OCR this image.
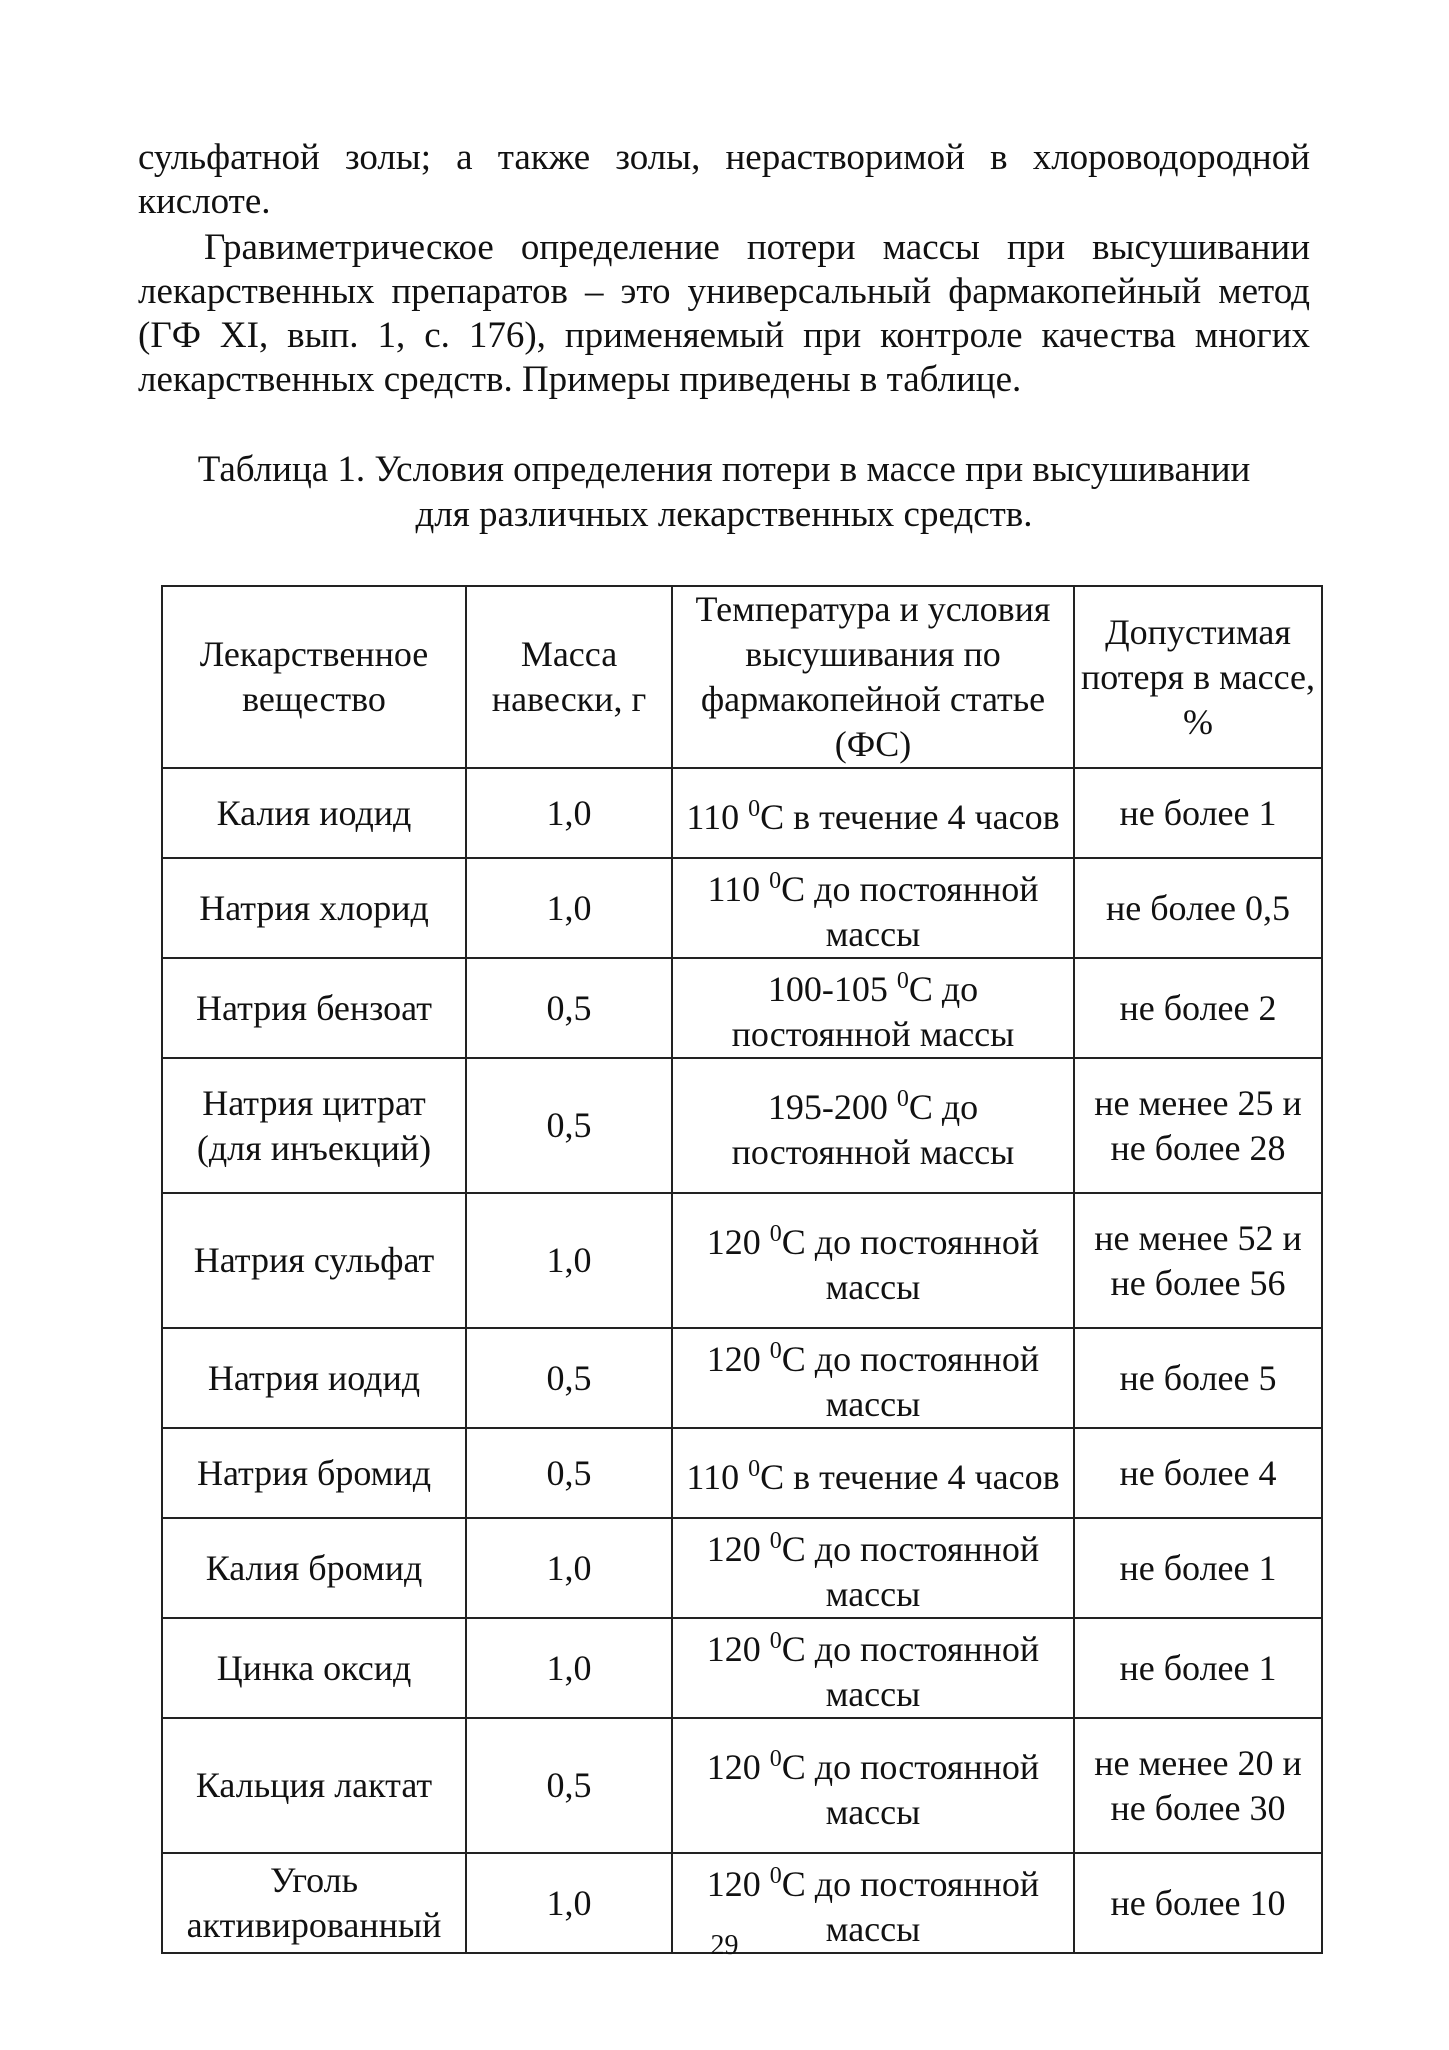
сульфатной золы; а также золы, нерастворимой в хлороводородной кислоте.

Гравиметрическое определение потери массы при высушивании лекарственных препаратов – это универсальный фармакопейный метод (ГФ XI, вып. 1, с. 176), применяемый при контроле качества многих лекарственных средств. Примеры приведены в таблице.

Таблица 1. Условия определения потери в массе при высушивании
для различных лекарственных средств.
Лекарственное вещество	Масса навески, г	Температура и условия высушивания по фармакопейной статье (ФС)	Допустимая потеря в массе, %
Калия иодид	1,0	110 $^0$С в течение 4 часов	не более 1
Натрия хлорид	1,0	110 $^0$С до постоянной массы	не более 0,5
Натрия бензоат	0,5	100-105 $^0$С до постоянной массы	не более 2
Натрия цитрат (для инъекций)	0,5	195-200 $^0$С до постоянной массы	не менее 25 и не более 28
Натрия сульфат	1,0	120 $^0$С до постоянной массы	не менее 52 и не более 56
Натрия иодид	0,5	120 $^0$С до постоянной массы	не более 5
Натрия бромид	0,5	110 $^0$С в течение 4 часов	не более 4
Калия бромид	1,0	120 $^0$С до постоянной массы	не более 1
Цинка оксид	1,0	120 $^0$С до постоянной массы	не более 1
Кальция лактат	0,5	120 $^0$С до постоянной массы	не менее 20 и не более 30
Уголь активированный	1,0	120 $^0$С до постоянной массы	не более 10
29
